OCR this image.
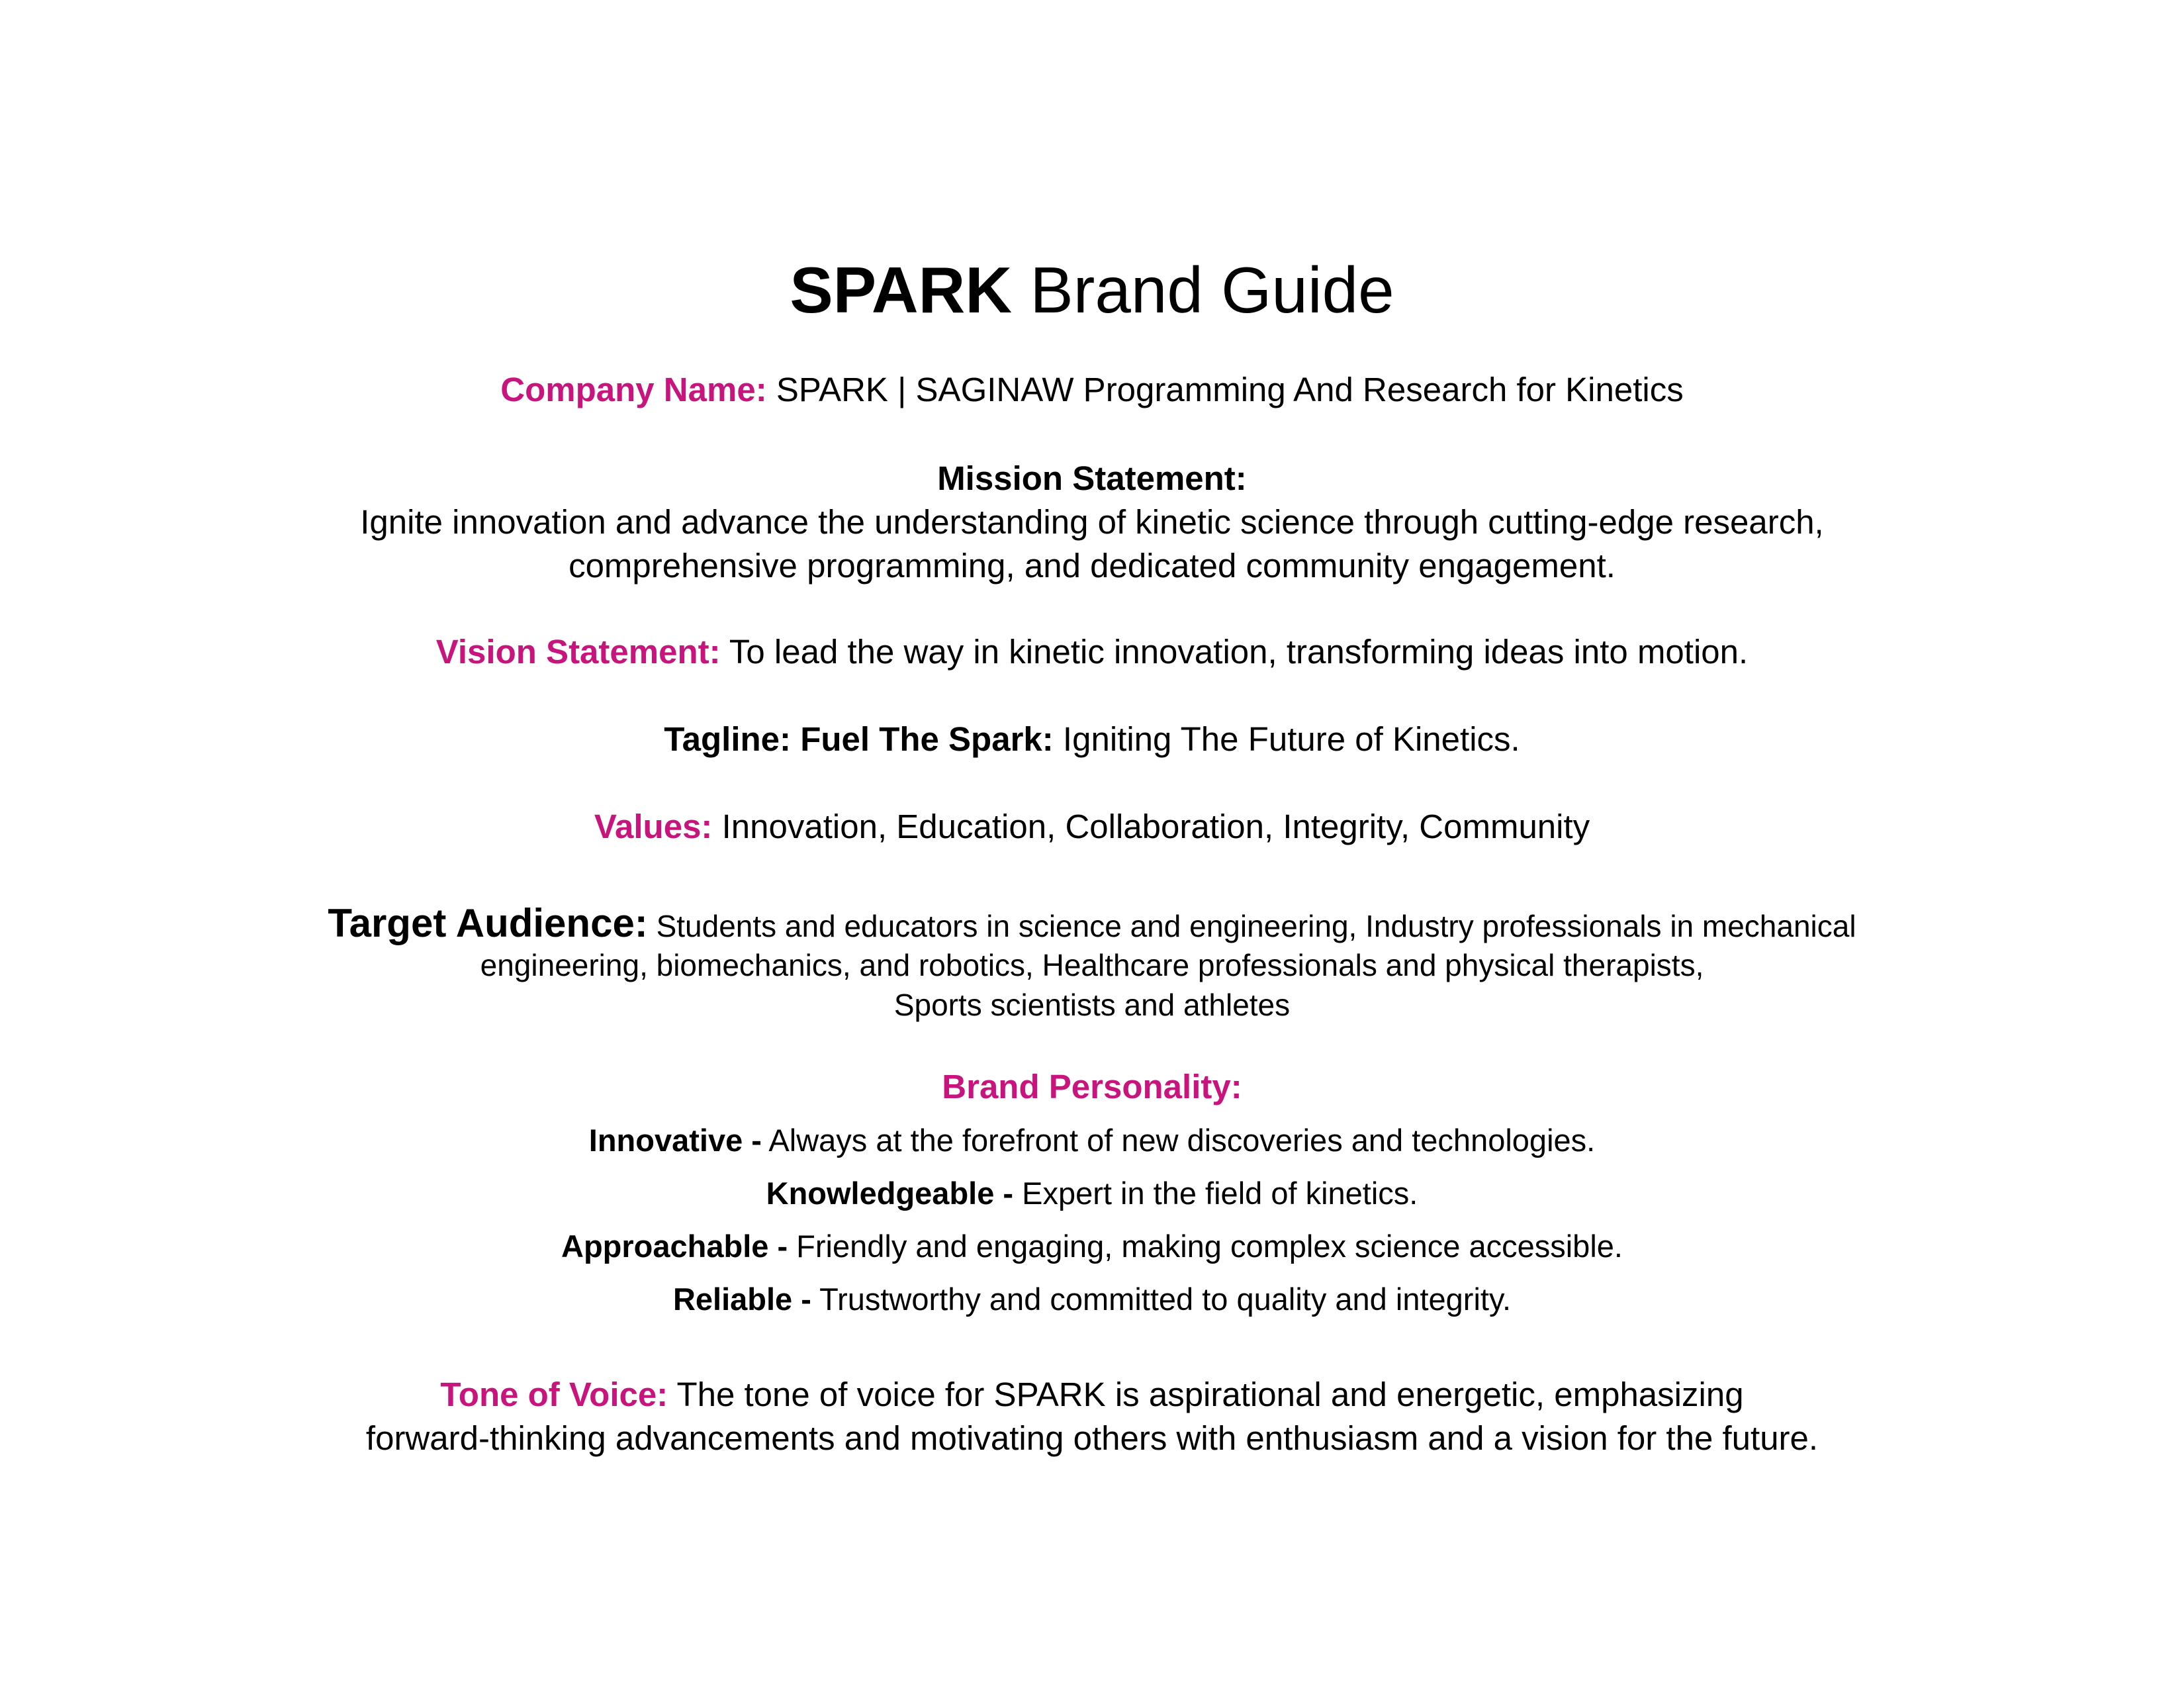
SPARK Brand Guide
Company Name: SPARK | SAGINAW Programming And Research for Kinetics
Mission Statement:
Ignite innovation and advance the understanding of kinetic science through cutting-edge research,
comprehensive programming, and dedicated community engagement.
Vision Statement: To lead the way in kinetic innovation, transforming ideas into motion.
Tagline: Fuel The Spark: Igniting The Future of Kinetics.
Values: Innovation, Education, Collaboration, Integrity, Community
Target Audience: Students and educators in science and engineering, Industry professionals in mechanical
engineering, biomechanics, and robotics, Healthcare professionals and physical therapists,
Sports scientists and athletes
Brand Personality:
Innovative - Always at the forefront of new discoveries and technologies.
Knowledgeable - Expert in the field of kinetics.
Approachable - Friendly and engaging, making complex science accessible.
Reliable - Trustworthy and committed to quality and integrity.
Tone of Voice: The tone of voice for SPARK is aspirational and energetic, emphasizing
forward-thinking advancements and motivating others with enthusiasm and a vision for the future.
